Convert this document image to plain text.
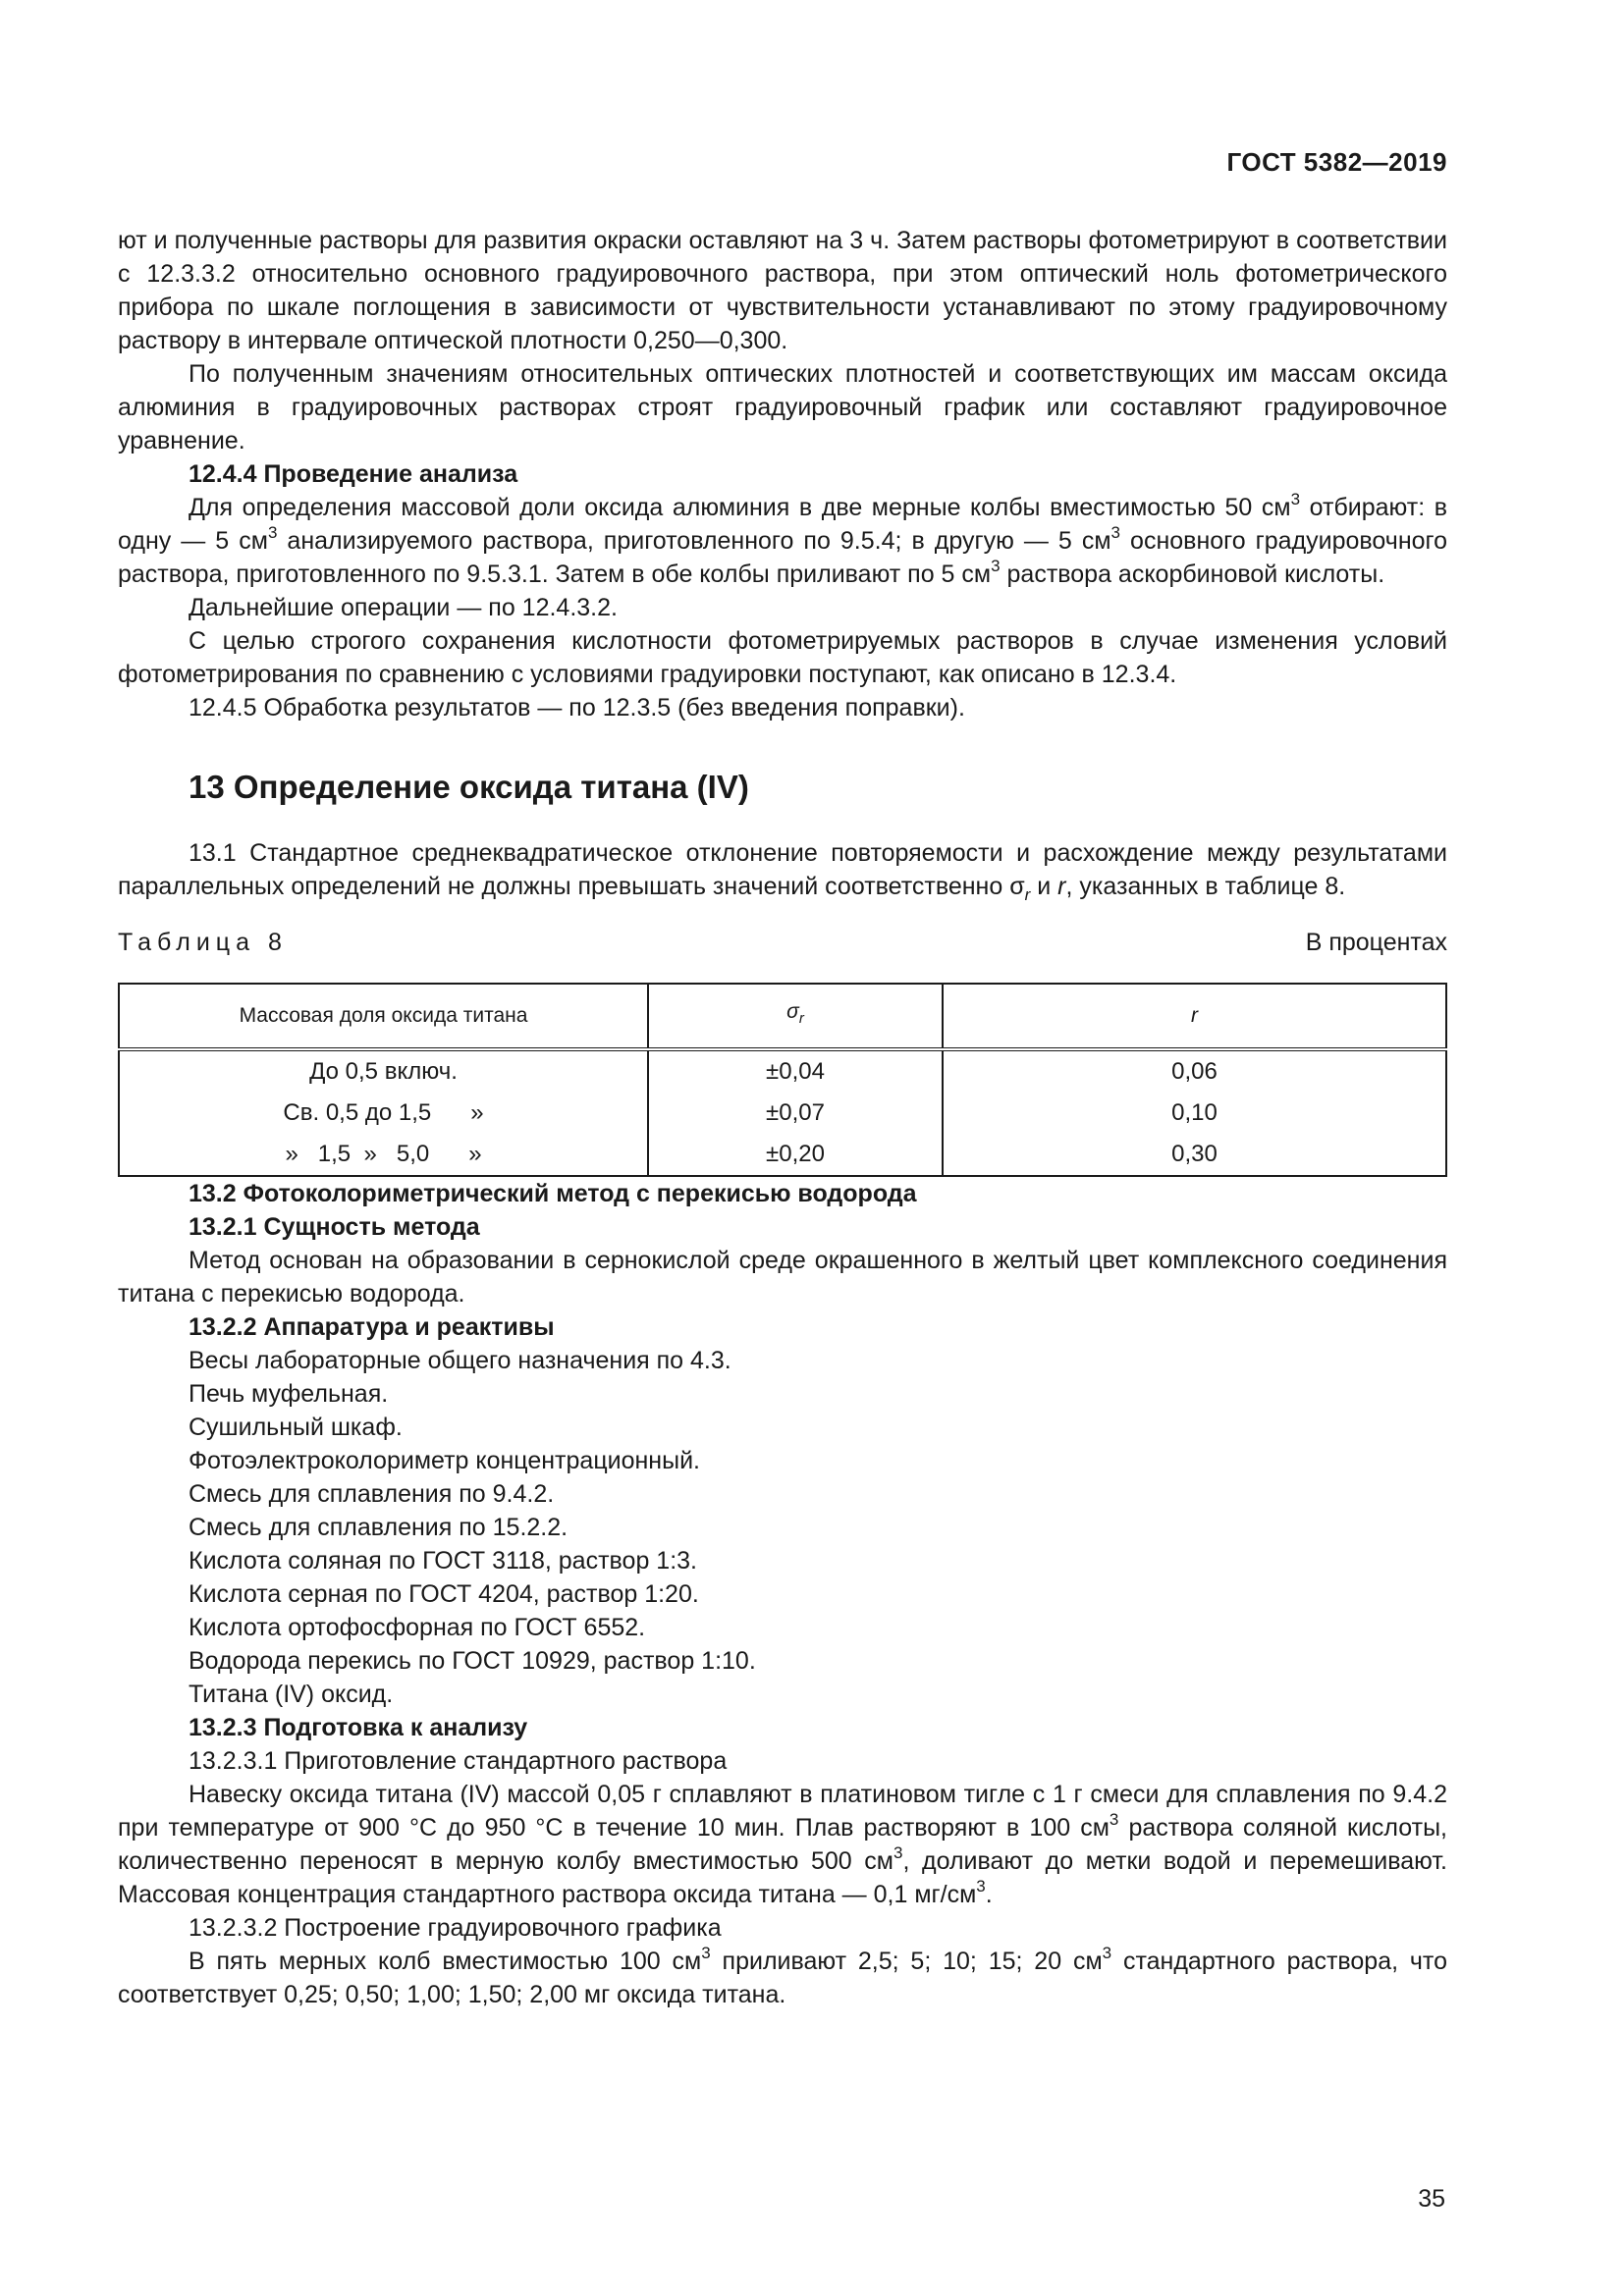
ГОСТ 5382—2019

ют и полученные растворы для развития окраски оставляют на 3 ч. Затем растворы фотометрируют в соответствии с 12.3.3.2 относительно основного градуировочного раствора, при этом оптический ноль фотометрического прибора по шкале поглощения в зависимости от чувствительности устанавливают по этому градуировочному раствору в интервале оптической плотности 0,250—0,300.

По полученным значениям относительных оптических плотностей и соответствующих им массам оксида алюминия в градуировочных растворах строят градуировочный график или составляют градуировочное уравнение.

12.4.4 Проведение анализа

Для определения массовой доли оксида алюминия в две мерные колбы вместимостью 50 $см^3$ отбирают: в одну — 5 $см^3$ анализируемого раствора, приготовленного по 9.5.4; в другую — 5 $см^3$ основного градуировочного раствора, приготовленного по 9.5.3.1. Затем в обе колбы приливают по 5 $см^3$ раствора аскорбиновой кислоты.

Дальнейшие операции — по 12.4.3.2.

С целью строгого сохранения кислотности фотометрируемых растворов в случае изменения условий фотометрирования по сравнению с условиями градуировки поступают, как описано в 12.3.4.

12.4.5 Обработка результатов — по 12.3.5 (без введения поправки).

13 Определение оксида титана (IV)

13.1 Стандартное среднеквадратическое отклонение повторяемости и расхождение между результатами параллельных определений не должны превышать значений соответственно $\sigma_r$ и r, указанных в таблице 8.

Таблица 8	В процентах
Массовая доля оксида титана	$\sigma_r$	r
До 0,5 включ.	±0,04	0,06
Св. 0,5 до 1,5      »	±0,07	0,10
»   1,5  »   5,0      »	±0,20	0,30

13.2 Фотоколориметрический метод с перекисью водорода

13.2.1 Сущность метода

Метод основан на образовании в сернокислой среде окрашенного в желтый цвет комплексного соединения титана с перекисью водорода.

13.2.2 Аппаратура и реактивы

Весы лабораторные общего назначения по 4.3.

Печь муфельная.

Сушильный шкаф.

Фотоэлектроколориметр концентрационный.

Смесь для сплавления по 9.4.2.

Смесь для сплавления по 15.2.2.

Кислота соляная по ГОСТ 3118, раствор 1:3.

Кислота серная по ГОСТ 4204, раствор 1:20.

Кислота ортофосфорная по ГОСТ 6552.

Водорода перекись по ГОСТ 10929, раствор 1:10.

Титана (IV) оксид.

13.2.3 Подготовка к анализу

13.2.3.1 Приготовление стандартного раствора

Навеску оксида титана (IV) массой 0,05 г сплавляют в платиновом тигле с 1 г смеси для сплавления по 9.4.2 при температуре от 900 °С до 950 °С в течение 10 мин. Плав растворяют в 100 $см^3$ раствора соляной кислоты, количественно переносят в мерную колбу вместимостью 500 $см^3$, доливают до метки водой и перемешивают. Массовая концентрация стандартного раствора оксида титана — 0,1 $мг/см^3$.

13.2.3.2 Построение градуировочного графика

В пять мерных колб вместимостью 100 $см^3$ приливают 2,5; 5; 10; 15; 20 $см^3$ стандартного раствора, что соответствует 0,25; 0,50; 1,00; 1,50; 2,00 мг оксида титана.

35
